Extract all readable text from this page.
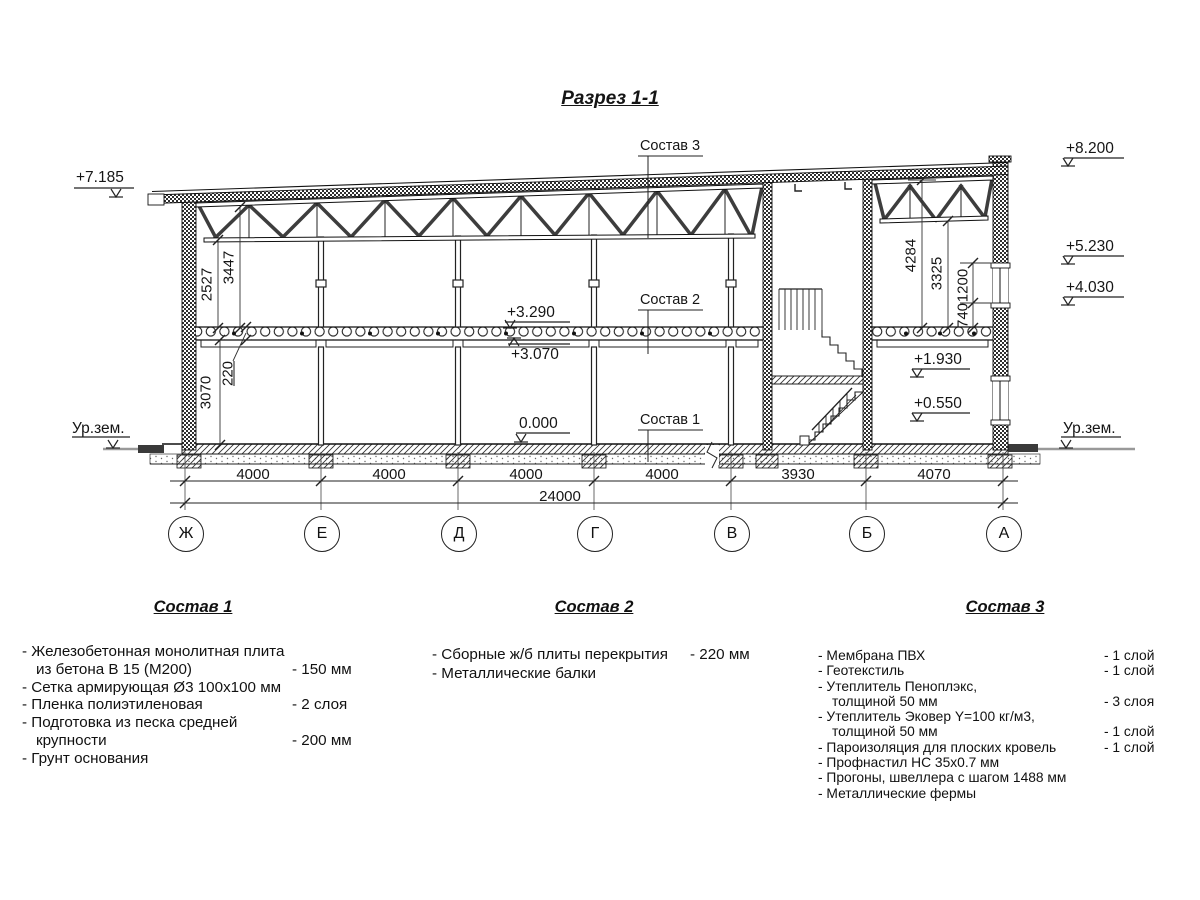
Разрез 1-1
Состав 3
Состав 2
Состав 1
+7.185
+8.200
+5.230
+4.030
+3.290
+3.070
0.000
+1.930
+0.550
Ур.зем.	Ур.зем.
2527
3447
220
3070
4284
3325 1200
740
4000	4000	4000	4000	3930	4070
24000
Ж	Е	Д	Г	В	Б	А
Состав 1	Состав 2	Состав 3
- Железобетонная монолитная плита
из бетона В 15 (М200)	- 150 мм
- Сетка армирующая Ø3 100x100 мм
- Пленка полиэтиленовая	- 2 слоя
- Подготовка из песка средней
крупности	- 200 мм
- Грунт основания
- Сборные ж/б плиты перекрытия	- 220 мм
- Металлические балки
- Мембрана ПВХ	- 1 слой
- Геотекстиль	- 1 слой
- Утеплитель Пеноплэкс,
толщиной 50 мм	- 3 слоя
- Утеплитель Эковер Y=100 кг/м3,
толщиной 50 мм	- 1 слой
- Пароизоляция для плоских кровель	- 1 слой
- Профнастил НС 35x0.7 мм
- Прогоны, швеллера с шагом 1488 мм
- Металлические фермы
